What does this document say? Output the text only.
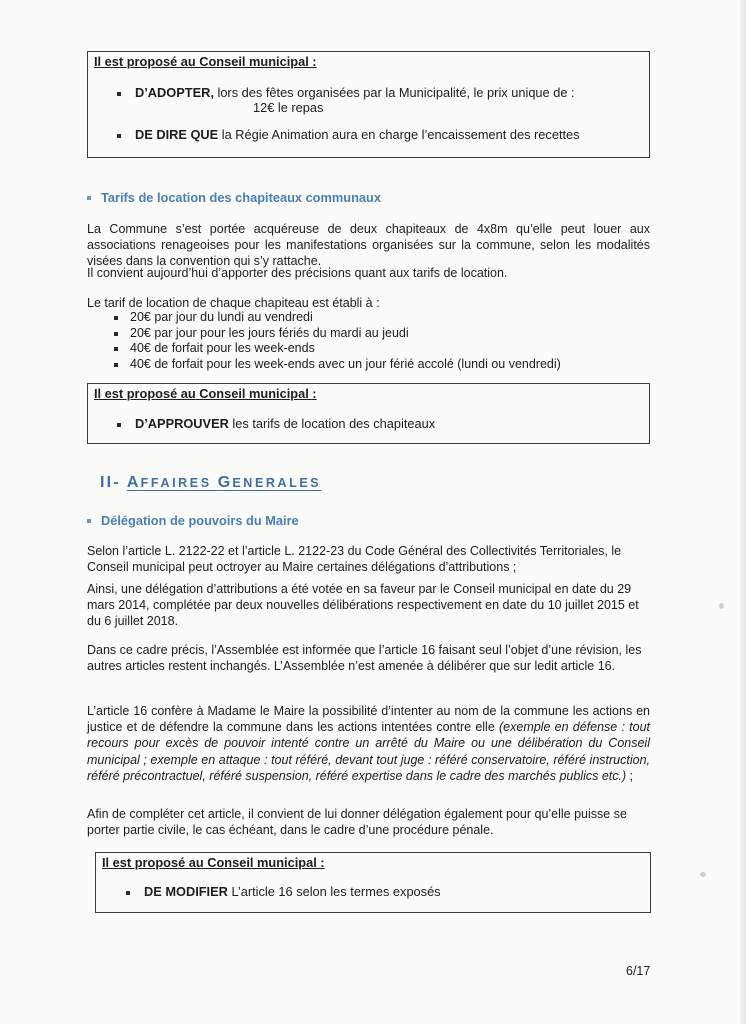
Il est proposé au Conseil municipal :
D’ADOPTER, lors des fêtes organisées par la Municipalité, le prix unique de :
12€ le repas
DE DIRE QUE la Régie Animation aura en charge l’encaissement des recettes
Tarifs de location des chapiteaux communaux

La Commune s’est portée acquéreuse de deux chapiteaux de 4x8m qu’elle peut louer aux associations renageoises pour les manifestations organisées sur la commune, selon les modalités visées dans la convention qui s’y rattache.

Il convient aujourd’hui d’apporter des précisions quant aux tarifs de location.

Le tarif de location de chaque chapiteau est établi à :

20€ par jour du lundi au vendredi
20€ par jour pour les jours fériés du mardi au jeudi
40€ de forfait pour les week-ends
40€ de forfait pour les week-ends avec un jour férié accolé (lundi ou vendredi)
Il est proposé au Conseil municipal :
D’APPROUVER les tarifs de location des chapiteaux
II- AFFAIRES GENERALES
Délégation de pouvoirs du Maire

Selon l’article L. 2122-22 et l’article L. 2122-23 du Code Général des Collectivités Territoriales, le Conseil municipal peut octroyer au Maire certaines délégations d’attributions ;

Ainsi, une délégation d’attributions a été votée en sa faveur par le Conseil municipal en date du 29 mars 2014, complétée par deux nouvelles délibérations respectivement en date du 10 juillet 2015 et du 6 juillet 2018.

Dans ce cadre précis, l’Assemblée est informée que l’article 16 faisant seul l’objet d’une révision, les autres articles restent inchangés. L’Assemblée n’est amenée à délibérer que sur ledit article 16.

L’article 16 confère à Madame le Maire la possibilité d’intenter au nom de la commune les actions en justice et de défendre la commune dans les actions intentées contre elle (exemple en défense : tout recours pour excès de pouvoir intenté contre un arrêté du Maire ou une délibération du Conseil municipal ; exemple en attaque : tout référé, devant tout juge : référé conservatoire, référé instruction, référé précontractuel, référé suspension, référé expertise dans le cadre des marchés publics etc.) ;

Afin de compléter cet article, il convient de lui donner délégation également pour qu’elle puisse se porter partie civile, le cas échéant, dans le cadre d’une procédure pénale.

Il est proposé au Conseil municipal :
DE MODIFIER L’article 16 selon les termes exposés
6/17
